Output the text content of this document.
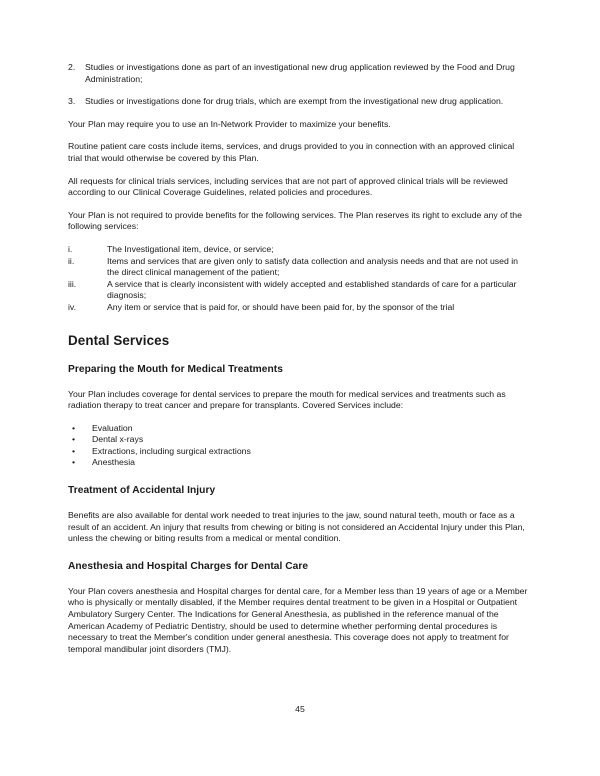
2.	Studies or investigations done as part of an investigational new drug application reviewed by the Food and Drug Administration;
3.	Studies or investigations done for drug trials, which are exempt from the investigational new drug application.

Your Plan may require you to use an In-Network Provider to maximize your benefits.

Routine patient care costs include items, services, and drugs provided to you in connection with an approved clinical trial that would otherwise be covered by this Plan.

All requests for clinical trials services, including services that are not part of approved clinical trials will be reviewed according to our Clinical Coverage Guidelines, related policies and procedures.

Your Plan is not required to provide benefits for the following services. The Plan reserves its right to exclude any of the following services:

i.	The Investigational item, device, or service;
ii.	Items and services that are given only to satisfy data collection and analysis needs and that are not used in the direct clinical management of the patient;
iii.	A service that is clearly inconsistent with widely accepted and established standards of care for a particular diagnosis;
iv.	Any item or service that is paid for, or should have been paid for, by the sponsor of the trial
Dental Services
Preparing the Mouth for Medical Treatments

Your Plan includes coverage for dental services to prepare the mouth for medical services and treatments such as radiation therapy to treat cancer and prepare for transplants. Covered Services include:

•	Evaluation
•	Dental x-rays
•	Extractions, including surgical extractions
•	Anesthesia
Treatment of Accidental Injury

Benefits are also available for dental work needed to treat injuries to the jaw, sound natural teeth, mouth or face as a result of an accident. An injury that results from chewing or biting is not considered an Accidental Injury under this Plan, unless the chewing or biting results from a medical or mental condition.

Anesthesia and Hospital Charges for Dental Care

Your Plan covers anesthesia and Hospital charges for dental care, for a Member less than 19 years of age or a Member who is physically or mentally disabled, if the Member requires dental treatment to be given in a Hospital or Outpatient Ambulatory Surgery Center. The Indications for General Anesthesia, as published in the reference manual of the American Academy of Pediatric Dentistry, should be used to determine whether performing dental procedures is necessary to treat the Member's condition under general anesthesia. This coverage does not apply to treatment for temporal mandibular joint disorders (TMJ).

45
